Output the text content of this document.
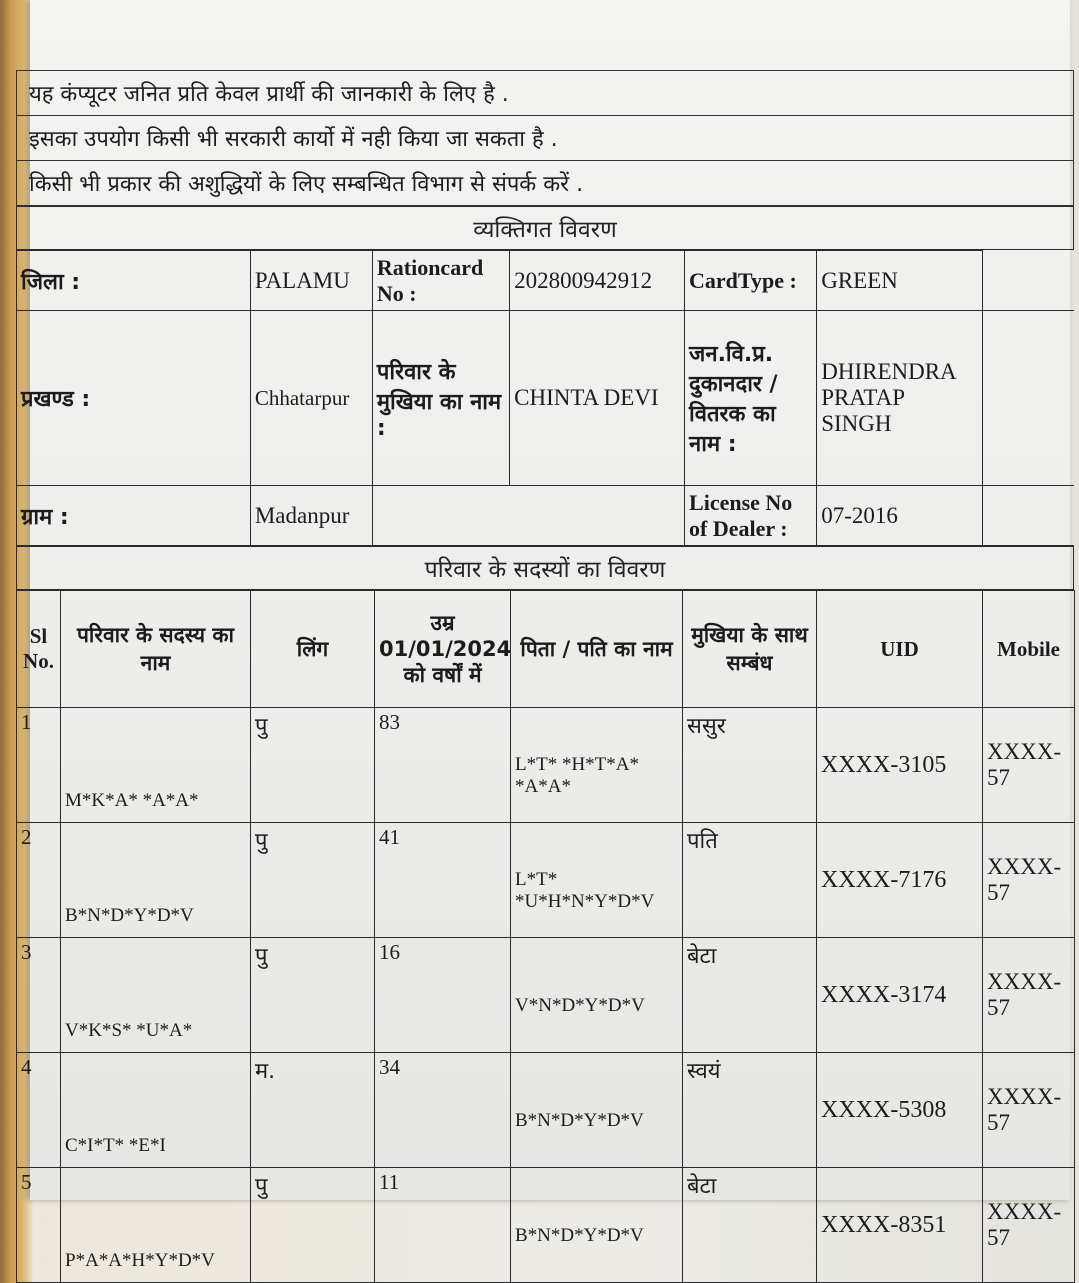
यह कंप्यूटर जनित प्रति केवल प्रार्थी की जानकारी के लिए है .
इसका उपयोग किसी भी सरकारी कार्यो में नही किया जा सकता है .
किसी भी प्रकार की अशुद्धियों के लिए सम्बन्धित विभाग से संपर्क करें .
व्यक्तिगत विवरण
जिला :	PALAMU	Rationcard No :	202800942912	CardType :	GREEN	
प्रखण्ड :	Chhatarpur	परिवार के मुखिया का नाम :	CHINTA DEVI	जन.वि.प्र. दुकानदार / वितरक का नाम :	DHIRENDRA PRATAP SINGH	
ग्राम :	Madanpur			License No of Dealer :	07-2016	
परिवार के सदस्यों का विवरण
Sl No.	परिवार के सदस्य का नाम	लिंग	उम्र 01/01/2024 को वर्षों में	पिता / पति का नाम	मुखिया के साथ सम्बंध	UID	Mobile
1	M*K*A* *A*A*	पु	83	L*T* *H*T*A* *A*A*	ससुर	XXXX-3105	XXXX-57
2	B*N*D*Y*D*V	पु	41	L*T* *U*H*N*Y*D*V	पति	XXXX-7176	XXXX-57
3	V*K*S* *U*A*	पु	16	V*N*D*Y*D*V	बेटा	XXXX-3174	XXXX-57
4	C*I*T* *E*I	म.	34	B*N*D*Y*D*V	स्वयं	XXXX-5308	XXXX-57
5	P*A*A*H*Y*D*V	पु	11	B*N*D*Y*D*V	बेटा	XXXX-8351	XXXX-57
